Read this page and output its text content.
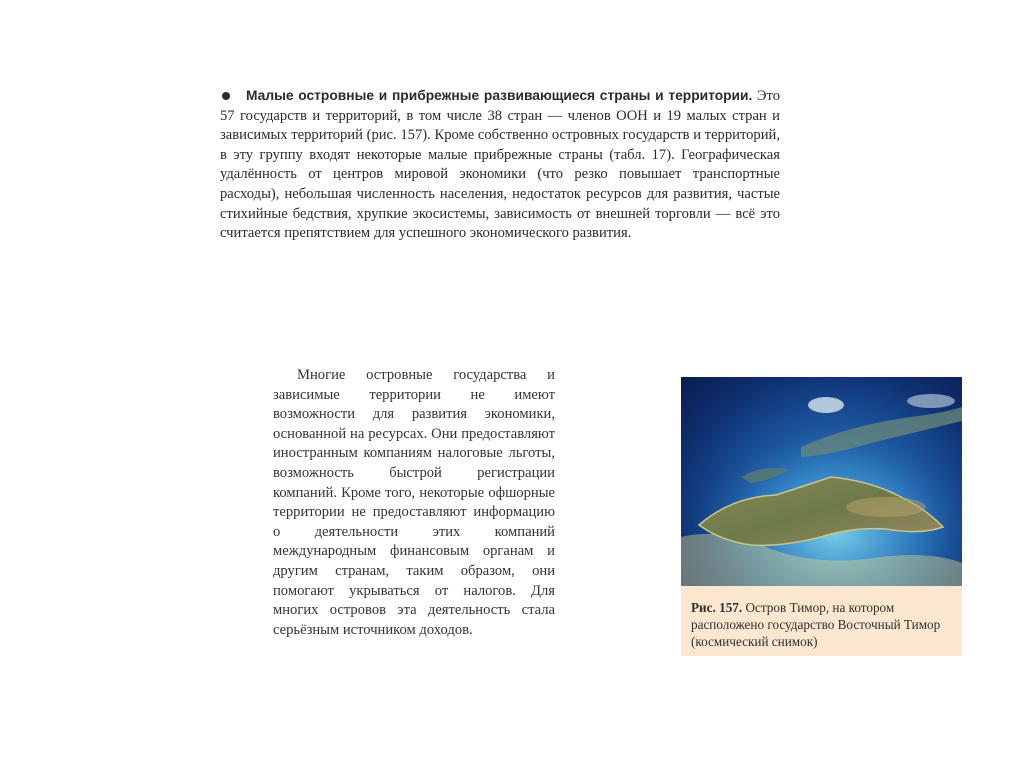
Малые островные и прибрежные развивающиеся страны и территории. Это 57 государств и территорий, в том числе 38 стран — членов ООН и 19 малых стран и зависимых территорий (рис. 157). Кроме собственно островных государств и территорий, в эту группу входят некоторые малые прибрежные страны (табл. 17). Географическая удалённость от центров мировой экономики (что резко повышает транспортные расходы), небольшая численность населения, недостаток ресурсов для развития, частые стихийные бедствия, хрупкие экосистемы, зависимость от внешней торговли — всё это считается препятствием для успешного экономического развития.
Многие островные государства и зависимые территории не имеют возможности для развития экономики, основанной на ресурсах. Они предоставляют иностранным компаниям налоговые льготы, возможность быстрой регистрации компаний. Кроме того, некоторые офшорные территории не предоставляют информацию о деятельности этих компаний международным финансовым органам и другим странам, таким образом, они помогают укрываться от налогов. Для многих островов эта деятельность стала серьёзным источником доходов.
Рис. 157. Остров Тимор, на котором расположено государство Восточный Тимор (космический снимок)
